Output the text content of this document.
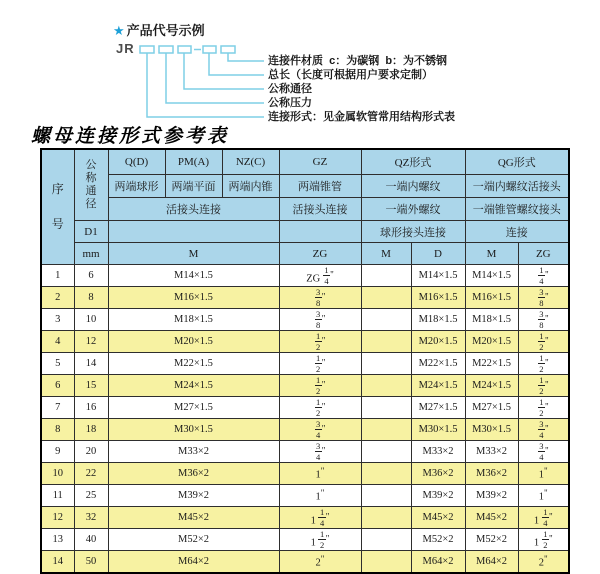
★ 产品代号示例
JR
连接件材质  c：为碳钢  b：为不锈钢
总长（长度可根据用户要求定制）
公称通径
公称压力
连接形式：见金属软管常用结构形式表
螺母连接形式参考表
序
号	公
称
通
径	Q(D)	PM(A)	NZ(C)	GZ	QZ形式		QG形式	
		两端球形	两端平面	两端内锥	两端锥管	一端内螺纹		一端内螺纹活接头	
		活接头连接			活接头连接	一端外螺纹		一端锥管螺纹接头	
	D1					球形接头连接		连接	
	mm	M			ZG	M	D	M	ZG
1	6	M14×1.5			ZG $\frac{1}{4}$ "		M14×1.5	M14×1.5	$\frac{1}{4}$ "
2	8	M16×1.5			$\frac{3}{8}$ "		M16×1.5	M16×1.5	$\frac{3}{8}$ "
3	10	M18×1.5			$\frac{3}{8}$ "		M18×1.5	M18×1.5	$\frac{3}{8}$ "
4	12	M20×1.5			$\frac{1}{2}$ "		M20×1.5	M20×1.5	$\frac{1}{2}$ "
5	14	M22×1.5			$\frac{1}{2}$ "		M22×1.5	M22×1.5	$\frac{1}{2}$ "
6	15	M24×1.5			$\frac{1}{2}$ "		M24×1.5	M24×1.5	$\frac{1}{2}$ "
7	16	M27×1.5			$\frac{1}{2}$ "		M27×1.5	M27×1.5	$\frac{1}{2}$ "
8	18	M30×1.5			$\frac{3}{4}$ "		M30×1.5	M30×1.5	$\frac{3}{4}$ "
9	20	M33×2			$\frac{3}{4}$ "		M33×2	M33×2	$\frac{3}{4}$ "
10	22	M36×2			1"		M36×2	M36×2	1"
11	25	M39×2			1"		M39×2	M39×2	1"
12	32	M45×2			$1 \frac{1}{4}$ "		M45×2	M45×2	$1 \frac{1}{4}$ "
13	40	M52×2			$1 \frac{1}{2}$ "		M52×2	M52×2	$1 \frac{1}{2}$ "
14	50	M64×2			2"		M64×2	M64×2	2"
